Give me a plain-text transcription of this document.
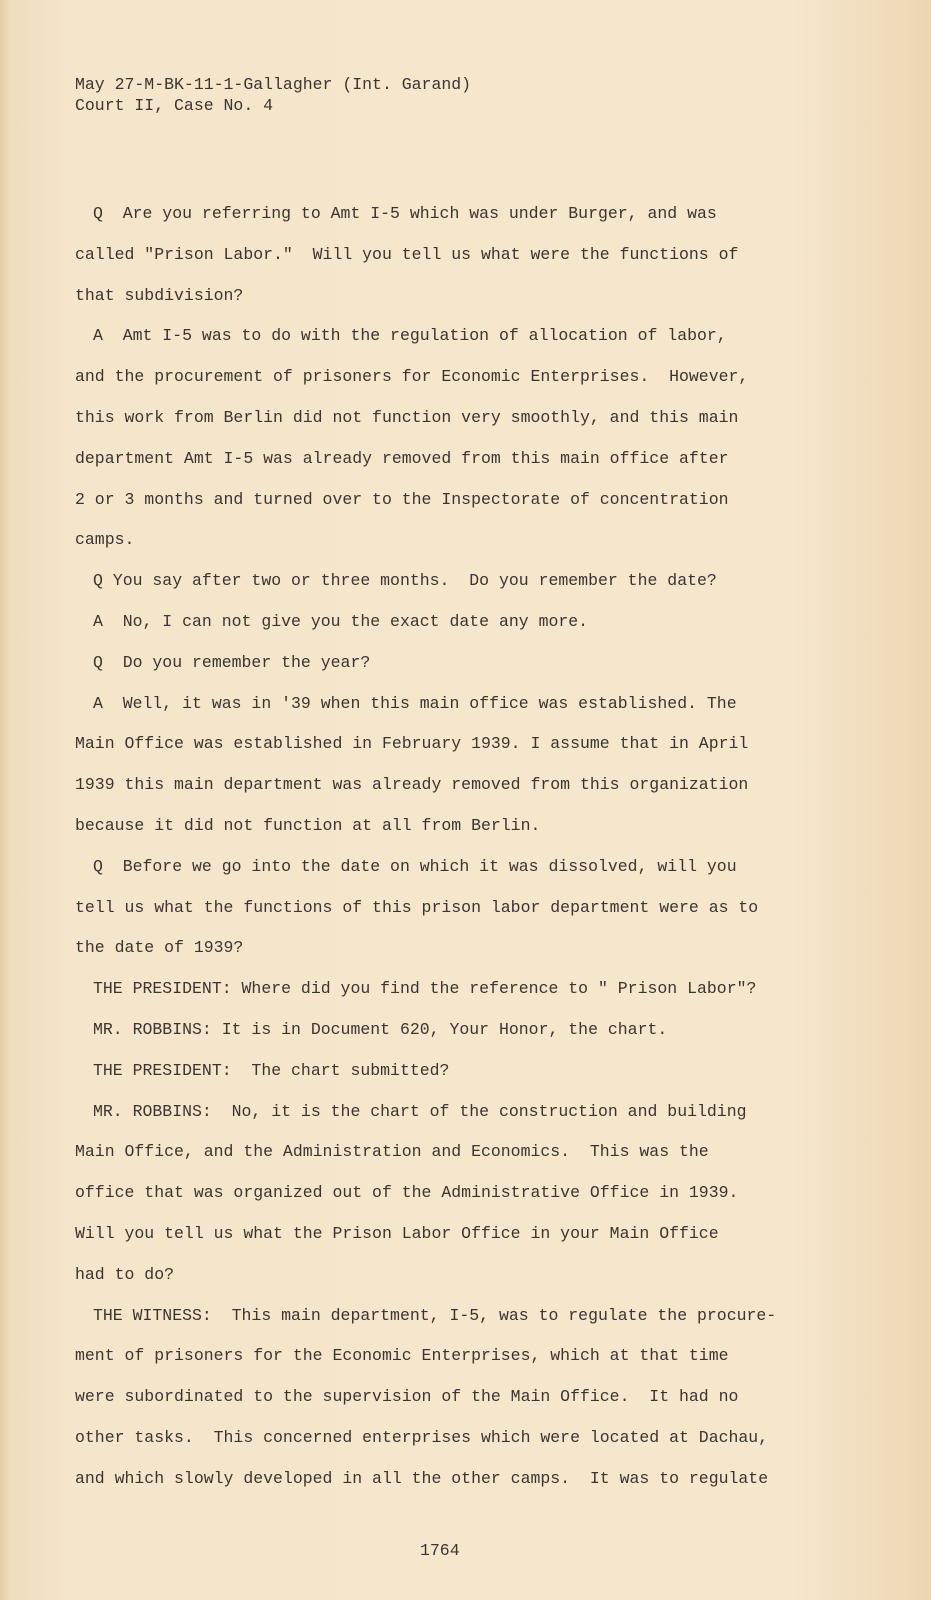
May 27-M-BK-11-1-Gallagher (Int. Garand)
Court II, Case No. 4
Q  Are you referring to Amt I-5 which was under Burger, and was
called "Prison Labor."  Will you tell us what were the functions of
that subdivision?
A  Amt I-5 was to do with the regulation of allocation of labor,
and the procurement of prisoners for Economic Enterprises.  However,
this work from Berlin did not function very smoothly, and this main
department Amt I-5 was already removed from this main office after
2 or 3 months and turned over to the Inspectorate of concentration
camps.
Q You say after two or three months.  Do you remember the date?
A  No, I can not give you the exact date any more.
Q  Do you remember the year?
A  Well, it was in '39 when this main office was established. The
Main Office was established in February 1939. I assume that in April
1939 this main department was already removed from this organization
because it did not function at all from Berlin.
Q  Before we go into the date on which it was dissolved, will you
tell us what the functions of this prison labor department were as to
the date of 1939?
THE PRESIDENT: Where did you find the reference to " Prison Labor"?
MR. ROBBINS: It is in Document 620, Your Honor, the chart.
THE PRESIDENT:  The chart submitted?
MR. ROBBINS:  No, it is the chart of the construction and building
Main Office, and the Administration and Economics.  This was the
office that was organized out of the Administrative Office in 1939.
Will you tell us what the Prison Labor Office in your Main Office
had to do?
THE WITNESS:  This main department, I-5, was to regulate the procure-
ment of prisoners for the Economic Enterprises, which at that time
were subordinated to the supervision of the Main Office.  It had no
other tasks.  This concerned enterprises which were located at Dachau,
and which slowly developed in all the other camps.  It was to regulate
1764
